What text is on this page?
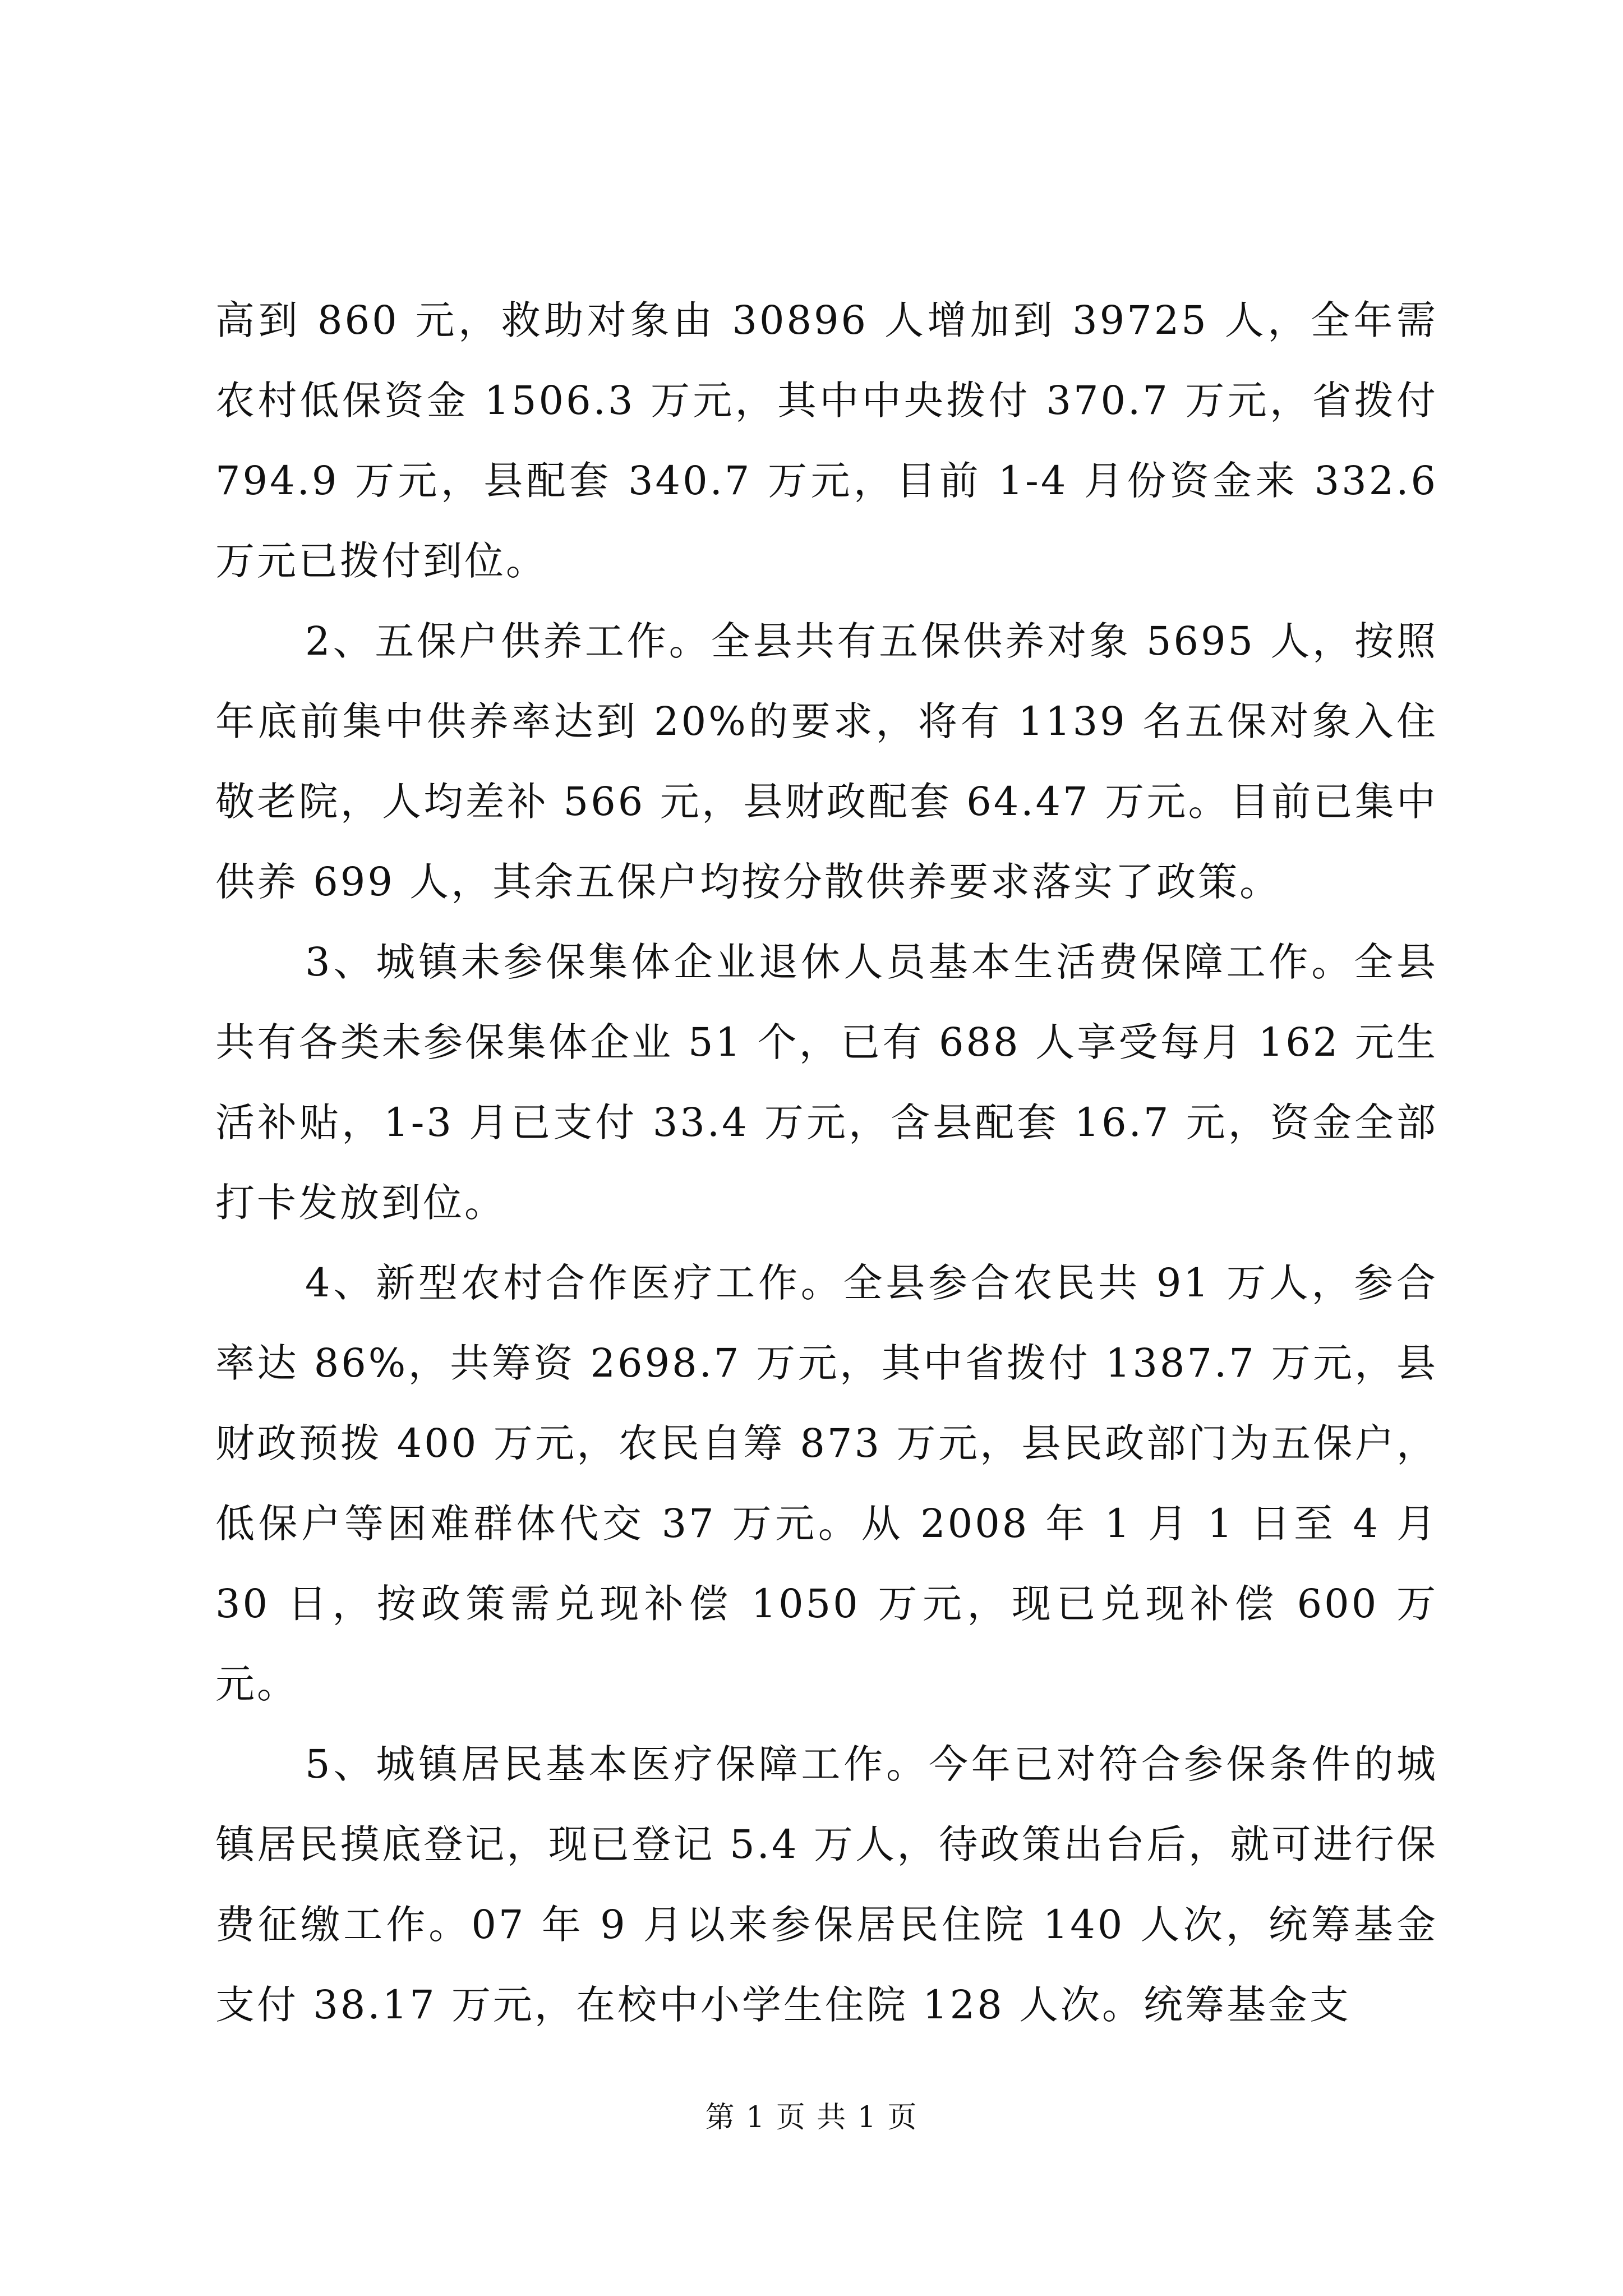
高到 860 元，救助对象由 30896 人增加到 39725 人，全年需农村低保资金 1506.3 万元，其中中央拨付 370.7 万元，省拨付 794.9 万元，县配套 340.7 万元，目前 1-4 月份资金来 332.6 万元已拨付到位。

2、五保户供养工作。全县共有五保供养对象 5695 人，按照年底前集中供养率达到 20%的要求，将有 1139 名五保对象入住敬老院，人均差补 566 元，县财政配套 64.47 万元。目前已集中供养 699 人，其余五保户均按分散供养要求落实了政策。

3、城镇未参保集体企业退休人员基本生活费保障工作。全县共有各类未参保集体企业 51 个，已有 688 人享受每月 162 元生活补贴，1-3 月已支付 33.4 万元，含县配套 16.7 元，资金全部打卡发放到位。

4、新型农村合作医疗工作。全县参合农民共 91 万人，参合率达 86%，共筹资 2698.7 万元，其中省拨付 1387.7 万元，县财政预拨 400 万元，农民自筹 873 万元，县民政部门为五保户，低保户等困难群体代交 37 万元。从 2008 年 1 月 1 日至 4 月 30 日，按政策需兑现补偿 1050 万元，现已兑现补偿 600 万元。

5、城镇居民基本医疗保障工作。今年已对符合参保条件的城镇居民摸底登记，现已登记 5.4 万人，待政策出台后，就可进行保费征缴工作。07 年 9 月以来参保居民住院 140 人次，统筹基金支付 38.17 万元，在校中小学生住院 128 人次。统筹基金支

第 1 页 共 1 页
